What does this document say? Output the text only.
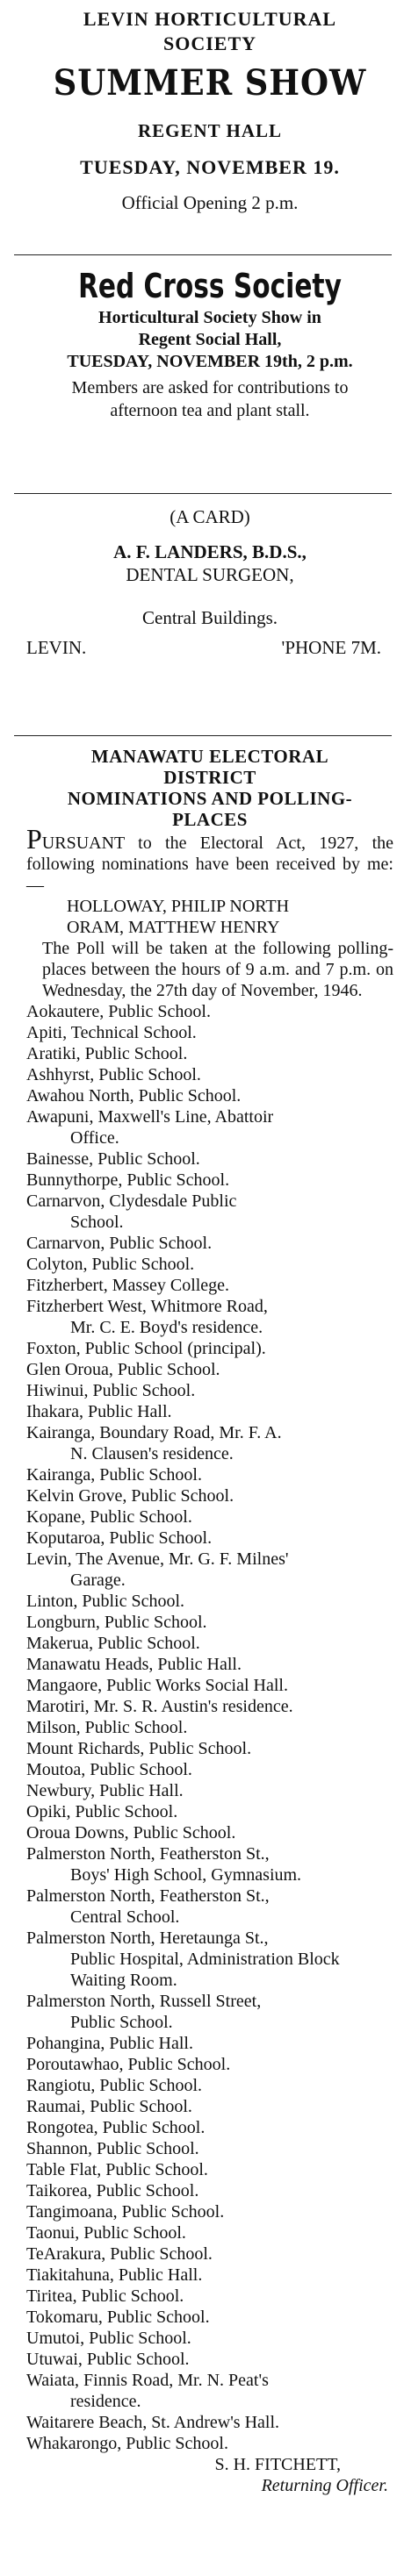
LEVIN HORTICULTURAL

SOCIETY

SUMMER SHOW

REGENT HALL

TUESDAY, NOVEMBER 19.

Official Opening 2 p.m.

Red Cross Society

Horticultural Society Show in

Regent Social Hall,

TUESDAY, NOVEMBER 19th, 2 p.m.

Members are asked for contributions to afternoon tea and plant stall.

(A CARD)

A. F. LANDERS, B.D.S.,

DENTAL SURGEON,

Central Buildings.

LEVIN.	'PHONE 7M.

MANAWATU ELECTORAL

DISTRICT

NOMINATIONS AND POLLING-

PLACES

PURSUANT to the Electoral Act, 1927, the following nominations have been received by me:—

HOLLOWAY, PHILIP NORTH

ORAM, MATTHEW HENRY

The Poll will be taken at the following polling-places between the hours of 9 a.m. and 7 p.m. on Wednesday, the 27th day of November, 1946.

Aokautere, Public School.

Apiti, Technical School.

Aratiki, Public School.

Ashhyrst, Public School.

Awahou North, Public School.

Awapuni, Maxwell's Line, Abattoir
Office.

Bainesse, Public School.

Bunnythorpe, Public School.

Carnarvon, Clydesdale Public
School.

Carnarvon, Public School.

Colyton, Public School.

Fitzherbert, Massey College.

Fitzherbert West, Whitmore Road,
Mr. C. E. Boyd's residence.

Foxton, Public School (principal).

Glen Oroua, Public School.

Hiwinui, Public School.

Ihakara, Public Hall.

Kairanga, Boundary Road, Mr. F. A.
N. Clausen's residence.

Kairanga, Public School.

Kelvin Grove, Public School.

Kopane, Public School.

Koputaroa, Public School.

Levin, The Avenue, Mr. G. F. Milnes'
Garage.

Linton, Public School.

Longburn, Public School.

Makerua, Public School.

Manawatu Heads, Public Hall.

Mangaore, Public Works Social Hall.

Marotiri, Mr. S. R. Austin's residence.

Milson, Public School.

Mount Richards, Public School.

Moutoa, Public School.

Newbury, Public Hall.

Opiki, Public School.

Oroua Downs, Public School.

Palmerston North, Featherston St.,
Boys' High School, Gymnasium.

Palmerston North, Featherston St.,
Central School.

Palmerston North, Heretaunga St.,
Public Hospital, Administration Block Waiting Room.

Palmerston North, Russell Street,
Public School.

Pohangina, Public Hall.

Poroutawhao, Public School.

Rangiotu, Public School.

Raumai, Public School.

Rongotea, Public School.

Shannon, Public School.

Table Flat, Public School.

Taikorea, Public School.

Tangimoana, Public School.

Taonui, Public School.

TeArakura, Public School.

Tiakitahuna, Public Hall.

Tiritea, Public School.

Tokomaru, Public School.

Umutoi, Public School.

Utuwai, Public School.

Waiata, Finnis Road, Mr. N. Peat's
residence.

Waitarere Beach, St. Andrew's Hall.

Whakarongo, Public School.

S. H. FITCHETT,

Returning Officer.
